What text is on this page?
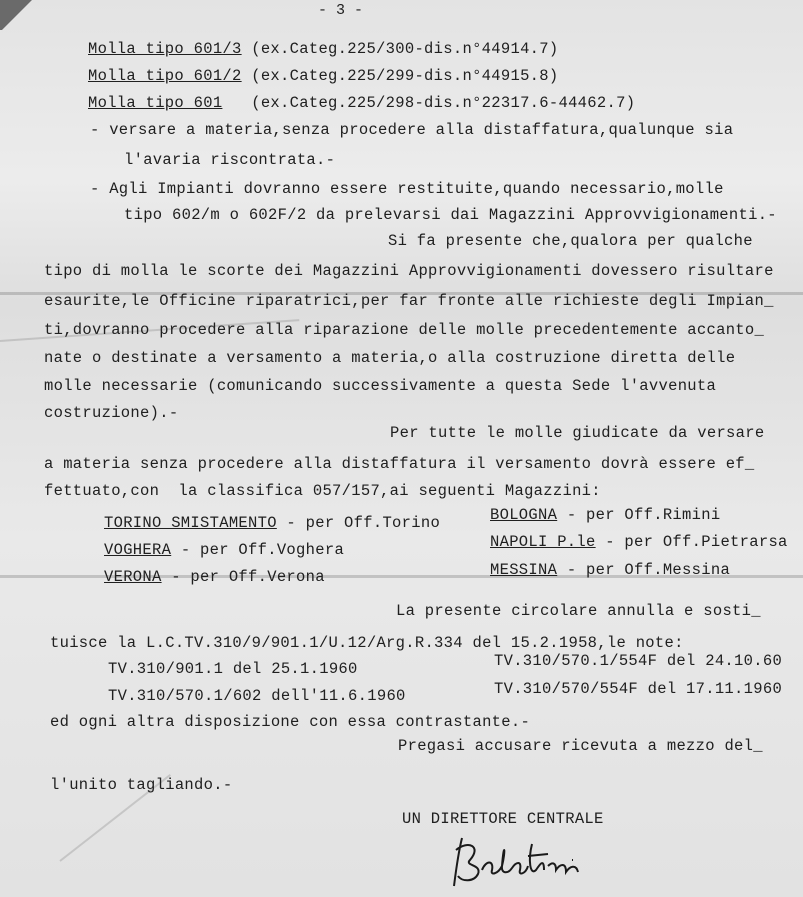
- 3 -
Molla tipo 601/3 (ex.Categ.225/300-dis.n°44914.7)
Molla tipo 601/2 (ex.Categ.225/299-dis.n°44915.8)
Molla tipo 601 (ex.Categ.225/298-dis.n°22317.6-44462.7)
- versare a materia,senza procedere alla distaffatura,qualunque sia
l'avaria riscontrata.-
- Agli Impianti dovranno essere restituite,quando necessario,molle
tipo 602/m o 602F/2 da prelevarsi dai Magazzini Approvvigionamenti.-
Si fa presente che,qualora per qualche
tipo di molla le scorte dei Magazzini Approvvigionamenti dovessero risultare
esaurite,le Officine riparatrici,per far fronte alle richieste degli Impian_
ti,dovranno procedere alla riparazione delle molle precedentemente accanto_
nate o destinate a versamento a materia,o alla costruzione diretta delle
molle necessarie (comunicando successivamente a questa Sede l'avvenuta
costruzione).-
Per tutte le molle giudicate da versare
a materia senza procedere alla distaffatura il versamento dovrà essere ef_
fettuato,con  la classifica 057/157,ai seguenti Magazzini:
TORINO SMISTAMENTO - per Off.Torino	BOLOGNA - per Off.Rimini
VOGHERA - per Off.Voghera	NAPOLI P.le - per Off.Pietrarsa
VERONA - per Off.Verona	MESSINA - per Off.Messina
La presente circolare annulla e sosti_
tuisce la L.C.TV.310/9/901.1/U.12/Arg.R.334 del 15.2.1958,le note:
TV.310/901.1 del 25.1.1960	TV.310/570.1/554F del 24.10.60
TV.310/570.1/602 dell'11.6.1960	TV.310/570/554F del 17.11.1960
ed ogni altra disposizione con essa contrastante.-
Pregasi accusare ricevuta a mezzo del_
l'unito tagliando.-
UN DIRETTORE CENTRALE
